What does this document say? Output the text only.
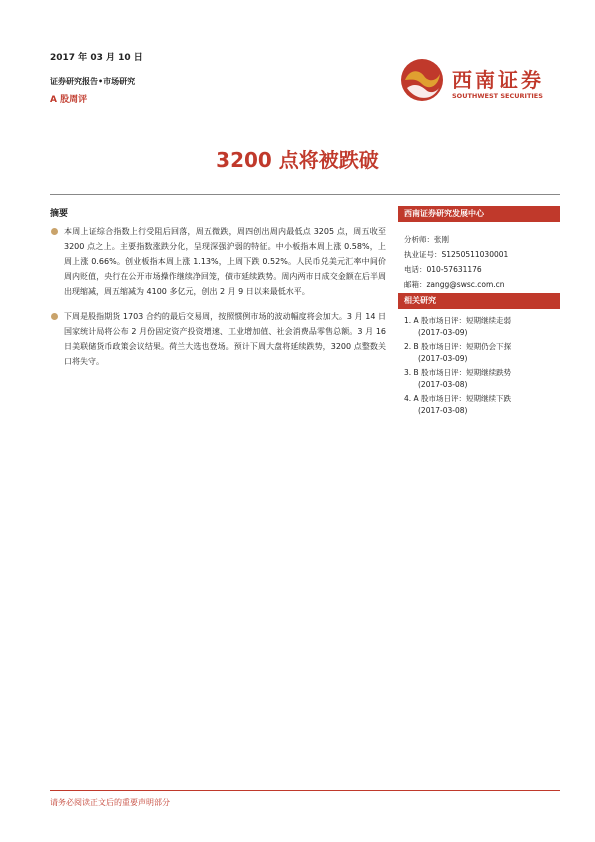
2017 年 03 月 10 日
证券研究报告•市场研究
A 股周评
西南证券
SOUTHWEST SECURITIES
3200 点将被跌破
摘要
本周上证综合指数上行受阻后回落，周五微跌，周四创出周内最低点 3205 点，周五收至 3200 点之上。主要指数涨跌分化，呈现深强沪弱的特征。中小板指本周上涨 0.58%，上周上涨 0.66%。创业板指本周上涨 1.13%，上周下跌 0.52%。人民币兑美元汇率中间价周内贬值，央行在公开市场操作继续净回笼，债市延续跌势。周内两市日成交金额在后半周出现缩减，周五缩减为 4100 多亿元，创出 2 月 9 日以来最低水平。
下周是股指期货 1703 合约的最后交易周，按照惯例市场的波动幅度将会加大。3 月 14 日国家统计局将公布 2 月份固定资产投资增速、工业增加值、社会消费品零售总额。3 月 16 日美联储货币政策会议结果。荷兰大选也登场。预计下周大盘将延续跌势，3200 点整数关口将失守。
西南证券研究发展中心
分析师：张刚
执业证号：S1250511030001
电话：010-57631176
邮箱：zangg@swsc.com.cn
相关研究
1. A 股市场日评：短期继续走弱
(2017-03-09)
2. B 股市场日评：短期仍会下探
(2017-03-09)
3. B 股市场日评：短期继续跌势
(2017-03-08)
4. A 股市场日评：短期继续下跌
(2017-03-08)
请务必阅读正文后的重要声明部分
